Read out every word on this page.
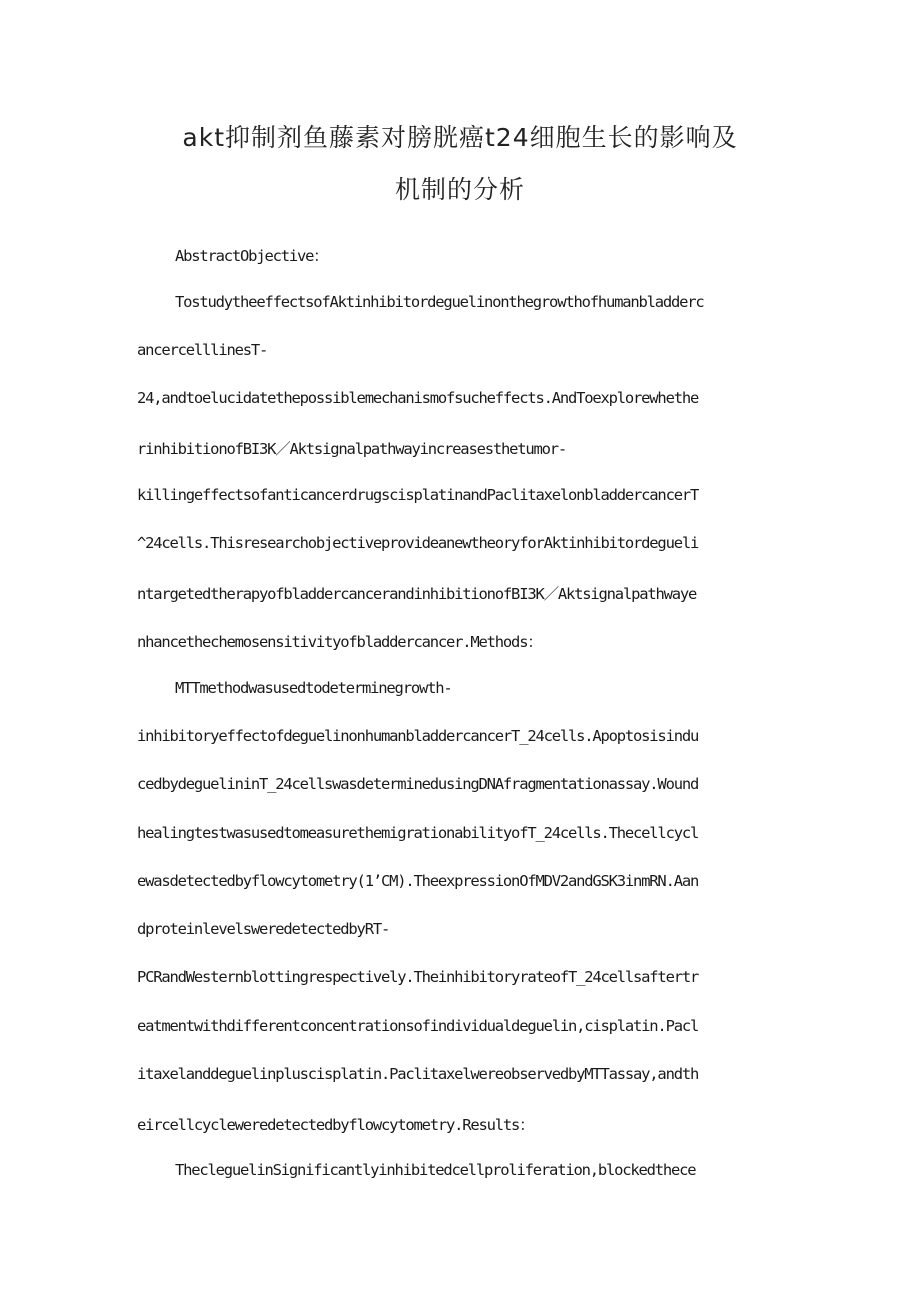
akt抑制剂鱼藤素对膀胱癌t24细胞生长的影响及
机制的分析
AbstractObjective：
TostudytheeffectsofAktinhibitordeguelinonthegrowthofhumanbladderc
ancercelllinesT-
24,andtoelucidatethepossiblemechanismofsucheffects.AndToexplorewhethe
rinhibitionofBI3K／Aktsignalpathwayincreasesthetumor-
killingeffectsofanticancerdrugscisplatinandPaclitaxelonbladdercancerT
^24cells.ThisresearchobjectiveprovideanewtheoryforAktinhibitordegueli
ntargetedtherapyofbladdercancerandinhibitionofBI3K／Aktsignalpathwaye
nhancethechemosensitivityofbladdercancer.Methods：
MTTmethodwasusedtodeterminegrowth-
inhibitoryeffectofdeguelinonhumanbladdercancerT_24cells.Apoptosisindu
cedbydeguelininT_24cellswasdeterminedusingDNAfragmentationassay.Wound
healingtestwasusedtomeasurethemigrationabilityofT_24cells.Thecellcycl
ewasdetectedbyflowcytometry(1’CM).TheexpressionOfMDV2andGSK3inmRN.Aan
dproteinlevelsweredetectedbyRT-
PCRandWesternblottingrespectively.TheinhibitoryrateofT_24cellsaftertr
eatmentwithdifferentconcentrationsofindividualdeguelin,cisplatin.Pacl
itaxelanddeguelinpluscisplatin.PaclitaxelwereobservedbyMTTassay,andth
eircellcycleweredetectedbyflowcytometry.Results：
ThecleguelinSignificantlyinhibitedcellproliferation,blockedthece
